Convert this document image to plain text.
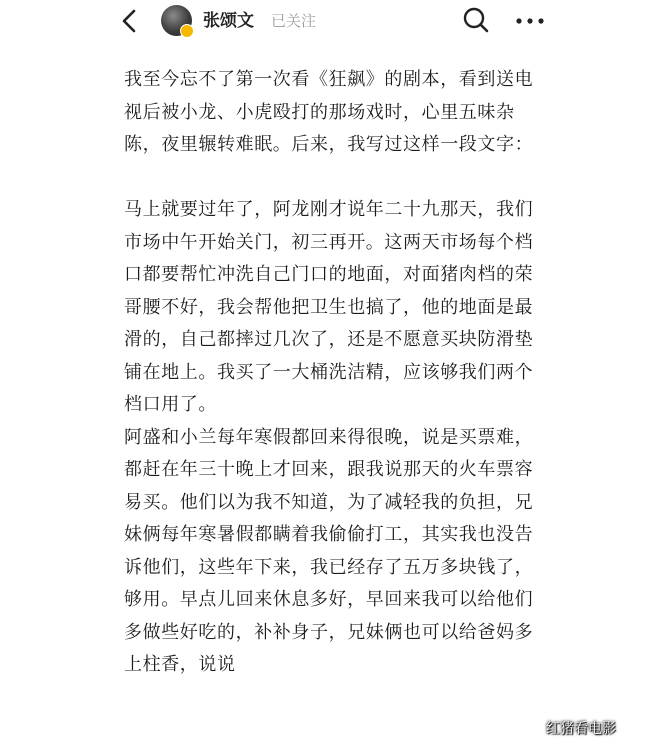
张颂文 已关注

我至今忘不了第一次看《狂飙》的剧本，看到送电视后被小龙、小虎殴打的那场戏时，心里五味杂陈，夜里辗转难眠。后来，我写过这样一段文字：

马上就要过年了，阿龙刚才说年二十九那天，我们市场中午开始关门，初三再开。这两天市场每个档口都要帮忙冲洗自己门口的地面，对面猪肉档的荣哥腰不好，我会帮他把卫生也搞了，他的地面是最滑的，自己都摔过几次了，还是不愿意买块防滑垫铺在地上。我买了一大桶洗洁精，应该够我们两个档口用了。

阿盛和小兰每年寒假都回来得很晚，说是买票难，都赶在年三十晚上才回来，跟我说那天的火车票容易买。他们以为我不知道，为了减轻我的负担，兄妹俩每年寒暑假都瞒着我偷偷打工，其实我也没告诉他们，这些年下来，我已经存了五万多块钱了，够用。早点儿回来休息多好，早回来我可以给他们多做些好吃的，补补身子，兄妹俩也可以给爸妈多上柱香，说说

红猪看电影
